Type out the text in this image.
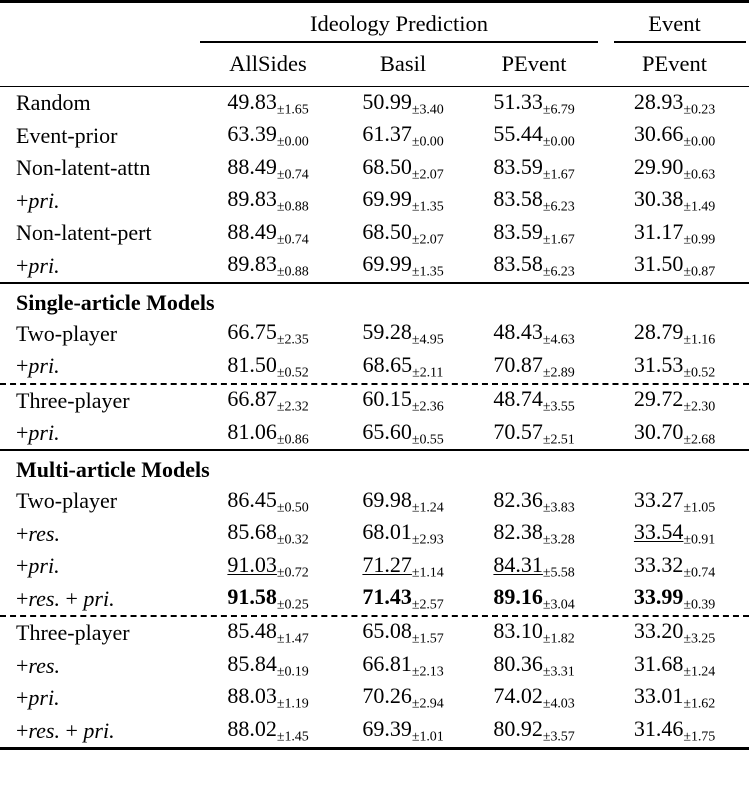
	Ideology Prediction			Event

	AllSides	Basil	PEvent	PEvent

Random	$49.83_{\pm 1.65}$	$50.99_{\pm 3.40}$	$51.33_{\pm 6.79}$	$28.93_{\pm 0.23}$
Event-prior	$63.39_{\pm 0.00}$	$61.37_{\pm 0.00}$	$55.44_{\pm 0.00}$	$30.66_{\pm 0.00}$
Non-latent-attn	$88.49_{\pm 0.74}$	$68.50_{\pm 2.07}$	$83.59_{\pm 1.67}$	$29.90_{\pm 0.63}$
+pri.	$89.83_{\pm 0.88}$	$69.99_{\pm 1.35}$	$83.58_{\pm 6.23}$	$30.38_{\pm 1.49}$
Non-latent-pert	$88.49_{\pm 0.74}$	$68.50_{\pm 2.07}$	$83.59_{\pm 1.67}$	$31.17_{\pm 0.99}$
+pri.	$89.83_{\pm 0.88}$	$69.99_{\pm 1.35}$	$83.58_{\pm 6.23}$	$31.50_{\pm 0.87}$

Single-article Models				
Two-player	$66.75_{\pm 2.35}$	$59.28_{\pm 4.95}$	$48.43_{\pm 4.63}$	$28.79_{\pm 1.16}$
+pri.	$81.50_{\pm 0.52}$	$68.65_{\pm 2.11}$	$70.87_{\pm 2.89}$	$31.53_{\pm 0.52}$

Three-player	$66.87_{\pm 2.32}$	$60.15_{\pm 2.36}$	$48.74_{\pm 3.55}$	$29.72_{\pm 2.30}$
+pri.	$81.06_{\pm 0.86}$	$65.60_{\pm 0.55}$	$70.57_{\pm 2.51}$	$30.70_{\pm 2.68}$

Multi-article Models				
Two-player	$86.45_{\pm 0.50}$	$69.98_{\pm 1.24}$	$82.36_{\pm 3.83}$	$33.27_{\pm 1.05}$
+res.	$85.68_{\pm 0.32}$	$68.01_{\pm 2.93}$	$82.38_{\pm 3.28}$	$33.54_{\pm 0.91}$
+pri.	$91.03_{\pm 0.72}$	$71.27_{\pm 1.14}$	$84.31_{\pm 5.58}$	$33.32_{\pm 0.74}$
+res. + pri.	$91.58_{\pm 0.25}$	$71.43_{\pm 2.57}$	$89.16_{\pm 3.04}$	$33.99_{\pm 0.39}$

Three-player	$85.48_{\pm 1.47}$	$65.08_{\pm 1.57}$	$83.10_{\pm 1.82}$	$33.20_{\pm 3.25}$
+res.	$85.84_{\pm 0.19}$	$66.81_{\pm 2.13}$	$80.36_{\pm 3.31}$	$31.68_{\pm 1.24}$
+pri.	$88.03_{\pm 1.19}$	$70.26_{\pm 2.94}$	$74.02_{\pm 4.03}$	$33.01_{\pm 1.62}$
+res. + pri.	$88.02_{\pm 1.45}$	$69.39_{\pm 1.01}$	$80.92_{\pm 3.57}$	$31.46_{\pm 1.75}$
